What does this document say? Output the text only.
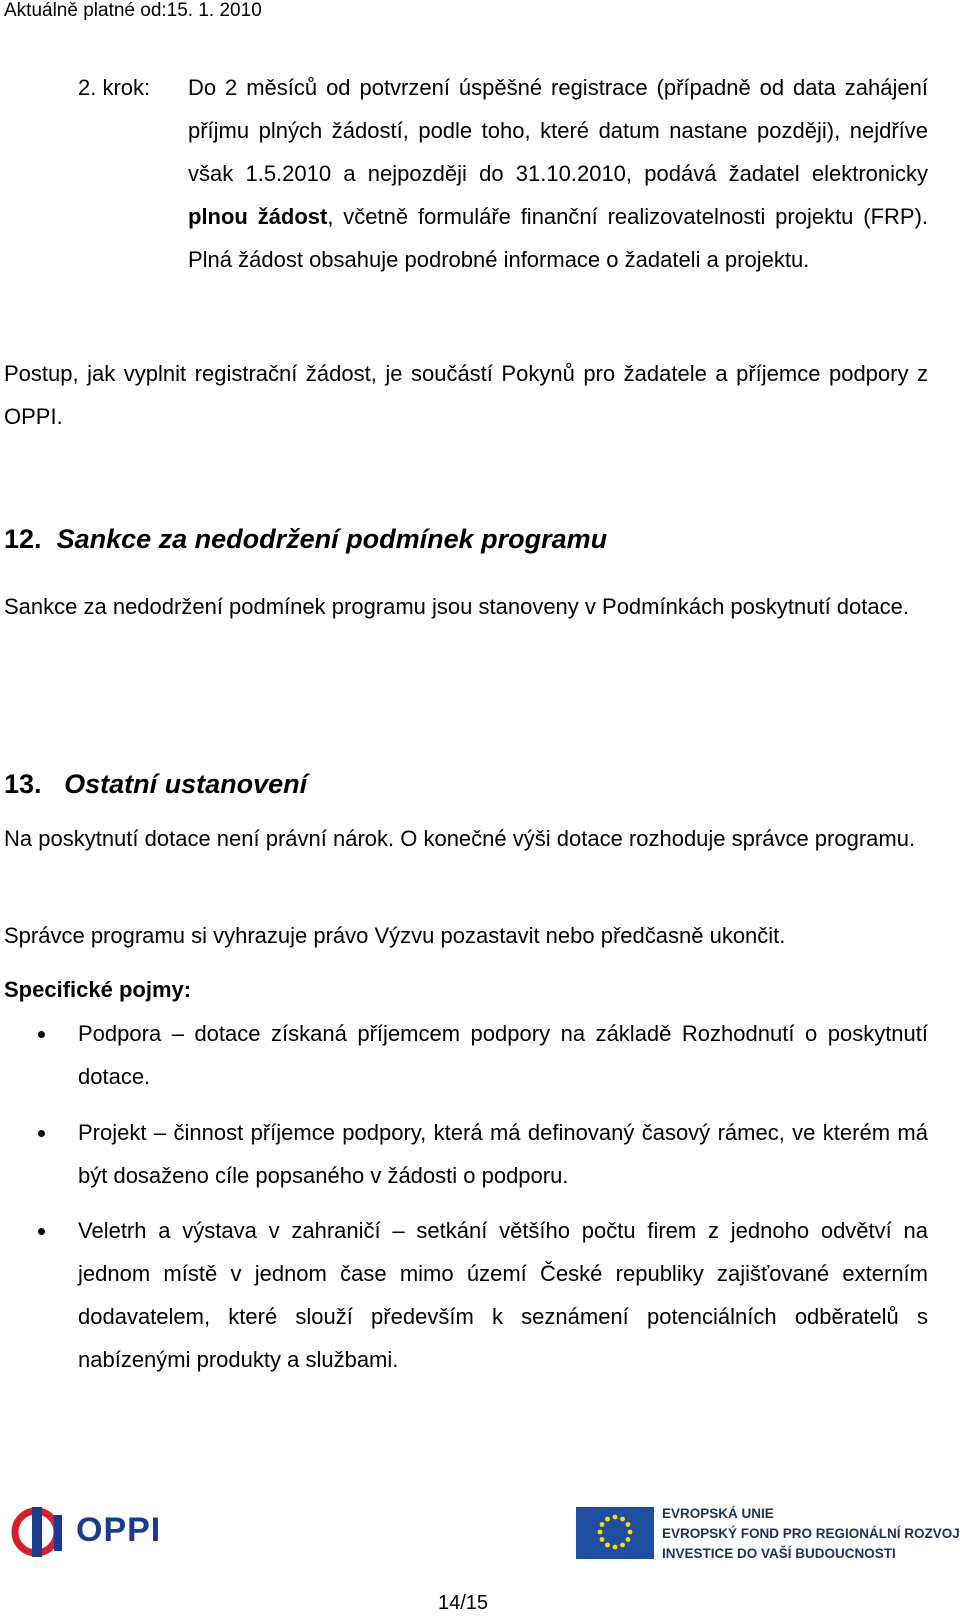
Aktuálně platné od:15. 1. 2010
2. krok: Do 2 měsíců od potvrzení úspěšné registrace (případně od data zahájení příjmu plných žádostí, podle toho, které datum nastane později), nejdříve však 1.5.2010 a nejpozději do 31.10.2010, podává žadatel elektronicky plnou žádost, včetně formuláře finanční realizovatelnosti projektu (FRP). Plná žádost obsahuje podrobné informace o žadateli a projektu.
Postup, jak vyplnit registrační žádost, je součástí Pokynů pro žadatele a příjemce podpory z OPPI.
12. Sankce za nedodržení podmínek programu
Sankce za nedodržení podmínek programu jsou stanoveny v Podmínkách poskytnutí dotace.
13. Ostatní ustanovení
Na poskytnutí dotace není právní nárok. O konečné výši dotace rozhoduje správce programu.
Správce programu si vyhrazuje právo Výzvu pozastavit nebo předčasně ukončit.
Specifické pojmy:
Podpora – dotace získaná příjemcem podpory na základě Rozhodnutí o poskytnutí dotace.
Projekt – činnost příjemce podpory, která má definovaný časový rámec, ve kterém má být dosaženo cíle popsaného v žádosti o podporu.
Veletrh a výstava v zahraničí – setkání většího počtu firem z jednoho odvětví na jednom místě v jednom čase mimo území České republiky zajišťované externím dodavatelem, které slouží především k seznámení potenciálních odběratelů s nabízenými produkty a službami.
OPPI
14/15
EVROPSKÁ UNIE
EVROPSKÝ FOND PRO REGIONÁLNÍ ROZVOJ
INVESTICE DO VAŠÍ BUDOUCNOSTI
